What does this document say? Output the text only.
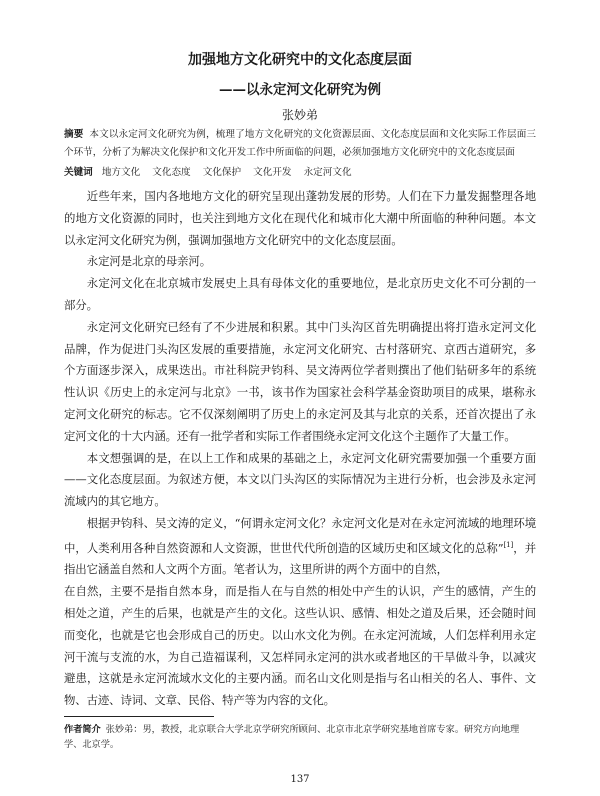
加强地方文化研究中的文化态度层面
——以永定河文化研究为例
张妙弟

摘要 本文以永定河文化研究为例，梳理了地方文化研究的文化资源层面、文化态度层面和文化实际工作层面三个环节，分析了为解决文化保护和文化开发工作中所面临的问题，必须加强地方文化研究中的文化态度层面

关键词 地方文化 文化态度 文化保护 文化开发 永定河文化

近些年来，国内各地地方文化的研究呈现出蓬勃发展的形势。人们在下力量发掘整理各地的地方文化资源的同时，也关注到地方文化在现代化和城市化大潮中所面临的种种问题。本文以永定河文化研究为例，强调加强地方文化研究中的文化态度层面。

永定河是北京的母亲河。

永定河文化在北京城市发展史上具有母体文化的重要地位，是北京历史文化不可分割的一部分。

永定河文化研究已经有了不少进展和积累。其中门头沟区首先明确提出将打造永定河文化品牌，作为促进门头沟区发展的重要措施，永定河文化研究、古村落研究、京西古道研究，多个方面逐步深入，成果迭出。市社科院尹钧科、吴文涛两位学者则撰出了他们钻研多年的系统性认识《历史上的永定河与北京》一书，该书作为国家社会科学基金资助项目的成果，堪称永定河文化研究的标志。它不仅深刻阐明了历史上的永定河及其与北京的关系，还首次提出了永定河文化的十大内涵。还有一批学者和实际工作者围绕永定河文化这个主题作了大量工作。

本文想强调的是，在以上工作和成果的基础之上，永定河文化研究需要加强一个重要方面——文化态度层面。为叙述方便，本文以门头沟区的实际情况为主进行分析，也会涉及永定河流域内的其它地方。

根据尹钧科、吴文涛的定义，“何谓永定河文化？永定河文化是对在永定河流域的地理环境中，人类利用各种自然资源和人文资源，世世代代所创造的区域历史和区域文化的总称”[1]，并指出它涵盖自然和人文两个方面。笔者认为，这里所讲的两个方面中的自然，

在自然，主要不是指自然本身，而是指人在与自然的相处中产生的认识，产生的感情，产生的相处之道，产生的后果，也就是产生的文化。这些认识、感情、相处之道及后果，还会随时间而变化，也就是它也会形成自己的历史。以山水文化为例。在永定河流域，人们怎样利用永定河干流与支流的水，为自己造福谋利，又怎样同永定河的洪水或者地区的干旱做斗争，以减灾避患，这就是永定河流域水文化的主要内涵。而名山文化则是指与名山相关的名人、事件、文物、古迹、诗词、文章、民俗、特产等为内容的文化。

作者简介 张妙弟：男，教授，北京联合大学北京学研究所顾问、北京市北京学研究基地首席专家。研究方向地理学、北京学。

137
